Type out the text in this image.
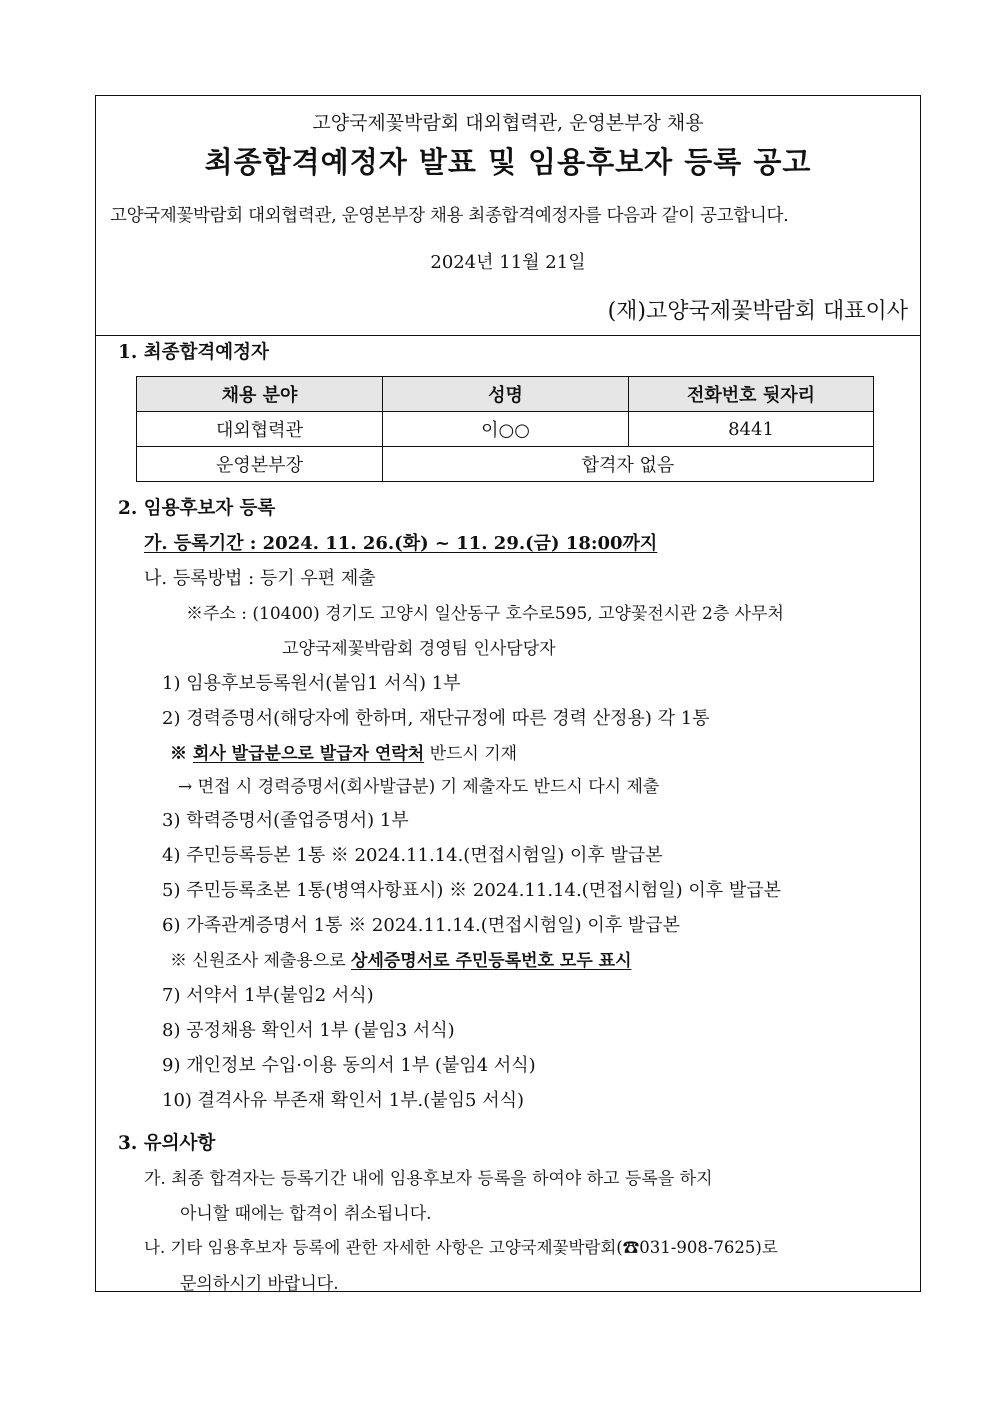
고양국제꽃박람회 대외협력관, 운영본부장 채용
최종합격예정자 발표 및 임용후보자 등록 공고
고양국제꽃박람회 대외협력관, 운영본부장 채용 최종합격예정자를 다음과 같이 공고합니다.
2024년 11월 21일
(재)고양국제꽃박람회 대표이사
1. 최종합격예정자
채용 분야	성명	전화번호 뒷자리
대외협력관	이○○	8441
운영본부장	합격자 없음	
2. 임용후보자 등록
가. 등록기간 : 2024. 11. 26.(화) ~ 11. 29.(금) 18:00까지
나. 등록방법 : 등기 우편 제출
※주소 : (10400) 경기도 고양시 일산동구 호수로595, 고양꽃전시관 2층 사무처
고양국제꽃박람회 경영팀 인사담당자
1) 임용후보등록원서(붙임1 서식) 1부
2) 경력증명서(해당자에 한하며, 재단규정에 따른 경력 산정용) 각 1통
※ 회사 발급분으로 발급자 연락처 반드시 기재
→ 면접 시 경력증명서(회사발급분) 기 제출자도 반드시 다시 제출
3) 학력증명서(졸업증명서) 1부
4) 주민등록등본 1통 ※ 2024.11.14.(면접시험일) 이후 발급본
5) 주민등록초본 1통(병역사항표시) ※ 2024.11.14.(면접시험일) 이후 발급본
6) 가족관계증명서 1통 ※ 2024.11.14.(면접시험일) 이후 발급본
※ 신원조사 제출용으로 상세증명서로 주민등록번호 모두 표시
7) 서약서 1부(붙임2 서식)
8) 공정채용 확인서 1부 (붙임3 서식)
9) 개인정보 수입·이용 동의서 1부 (붙임4 서식)
10) 결격사유 부존재 확인서 1부.(붙임5 서식)
3. 유의사항
가. 최종 합격자는 등록기간 내에 임용후보자 등록을 하여야 하고 등록을 하지
아니할 때에는 합격이 취소됩니다.
나. 기타 임용후보자 등록에 관한 자세한 사항은 고양국제꽃박람회(☎031-908-7625)로
문의하시기 바랍니다.
